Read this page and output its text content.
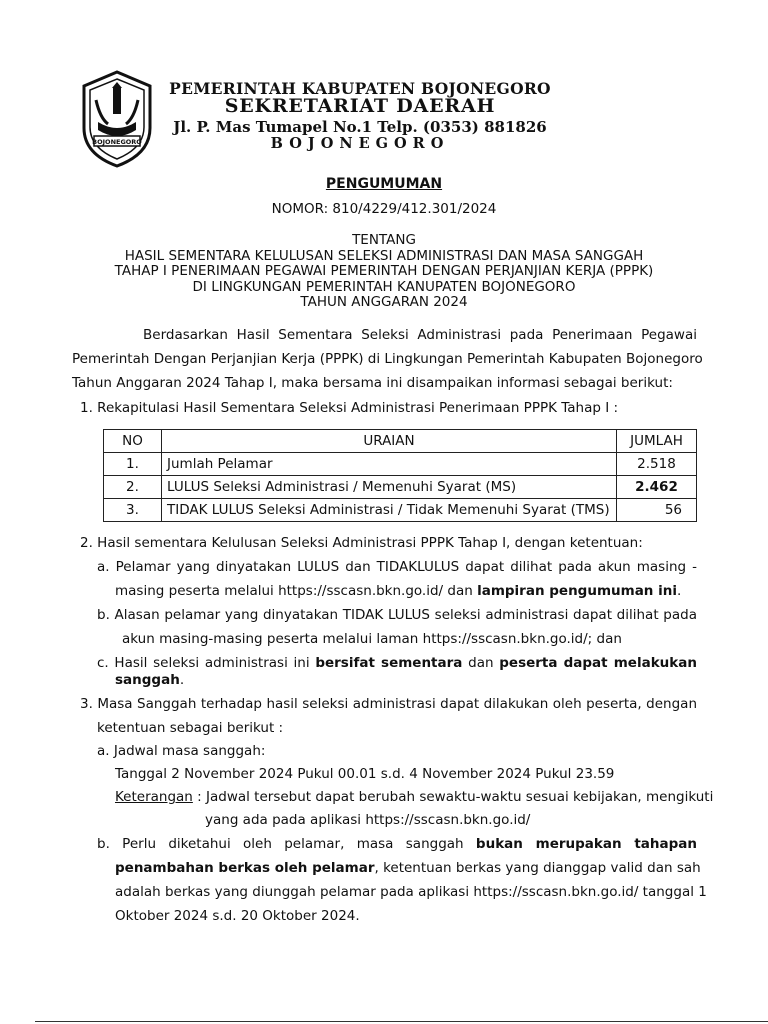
BOJONEGORO
PEMERINTAH KABUPATEN BOJONEGORO
SEKRETARIAT DAERAH
Jl. P. Mas Tumapel No.1 Telp. (0353) 881826
BOJONEGORO
PENGUMUMAN
NOMOR: 810/4229/412.301/2024
TENTANG
HASIL SEMENTARA KELULUSAN SELEKSI ADMINISTRASI DAN MASA SANGGAH
TAHAP I PENERIMAAN PEGAWAI PEMERINTAH DENGAN PERJANJIAN KERJA (PPPK)
DI LINGKUNGAN PEMERINTAH KANUPATEN BOJONEGORO
TAHUN ANGGARAN 2024
Berdasarkan Hasil Sementara Seleksi Administrasi pada Penerimaan Pegawai
Pemerintah Dengan Perjanjian Kerja (PPPK) di Lingkungan Pemerintah Kabupaten Bojonegoro
Tahun Anggaran 2024 Tahap I, maka bersama ini disampaikan informasi sebagai berikut:
1. Rekapitulasi Hasil Sementara Seleksi Administrasi Penerimaan PPPK Tahap I :
NO	URAIAN	JUMLAH
1.	Jumlah Pelamar	2.518
2.	LULUS Seleksi Administrasi / Memenuhi Syarat (MS)	2.462
3.	TIDAK LULUS Seleksi Administrasi / Tidak Memenuhi Syarat (TMS)	56
2. Hasil sementara Kelulusan Seleksi Administrasi PPPK Tahap I, dengan ketentuan:
a. Pelamar yang dinyatakan LULUS dan TIDAKLULUS dapat dilihat pada akun masing -
masing peserta melalui https://sscasn.bkn.go.id/ dan lampiran pengumuman ini.
b. Alasan pelamar yang dinyatakan TIDAK LULUS seleksi administrasi dapat dilihat pada
akun masing-masing peserta melalui laman https://sscasn.bkn.go.id/; dan
c. Hasil seleksi administrasi ini bersifat sementara dan peserta dapat melakukan
sanggah.
3. Masa Sanggah terhadap hasil seleksi administrasi dapat dilakukan oleh peserta, dengan
ketentuan sebagai berikut :
a. Jadwal masa sanggah:
Tanggal 2 November 2024 Pukul 00.01 s.d. 4 November 2024 Pukul 23.59
Keterangan : Jadwal tersebut dapat berubah sewaktu-waktu sesuai kebijakan, mengikuti
yang ada pada aplikasi https://sscasn.bkn.go.id/
b. Perlu diketahui oleh pelamar, masa sanggah bukan merupakan tahapan
penambahan berkas oleh pelamar, ketentuan berkas yang dianggap valid dan sah
adalah berkas yang diunggah pelamar pada aplikasi https://sscasn.bkn.go.id/ tanggal 1
Oktober 2024 s.d. 20 Oktober 2024.
